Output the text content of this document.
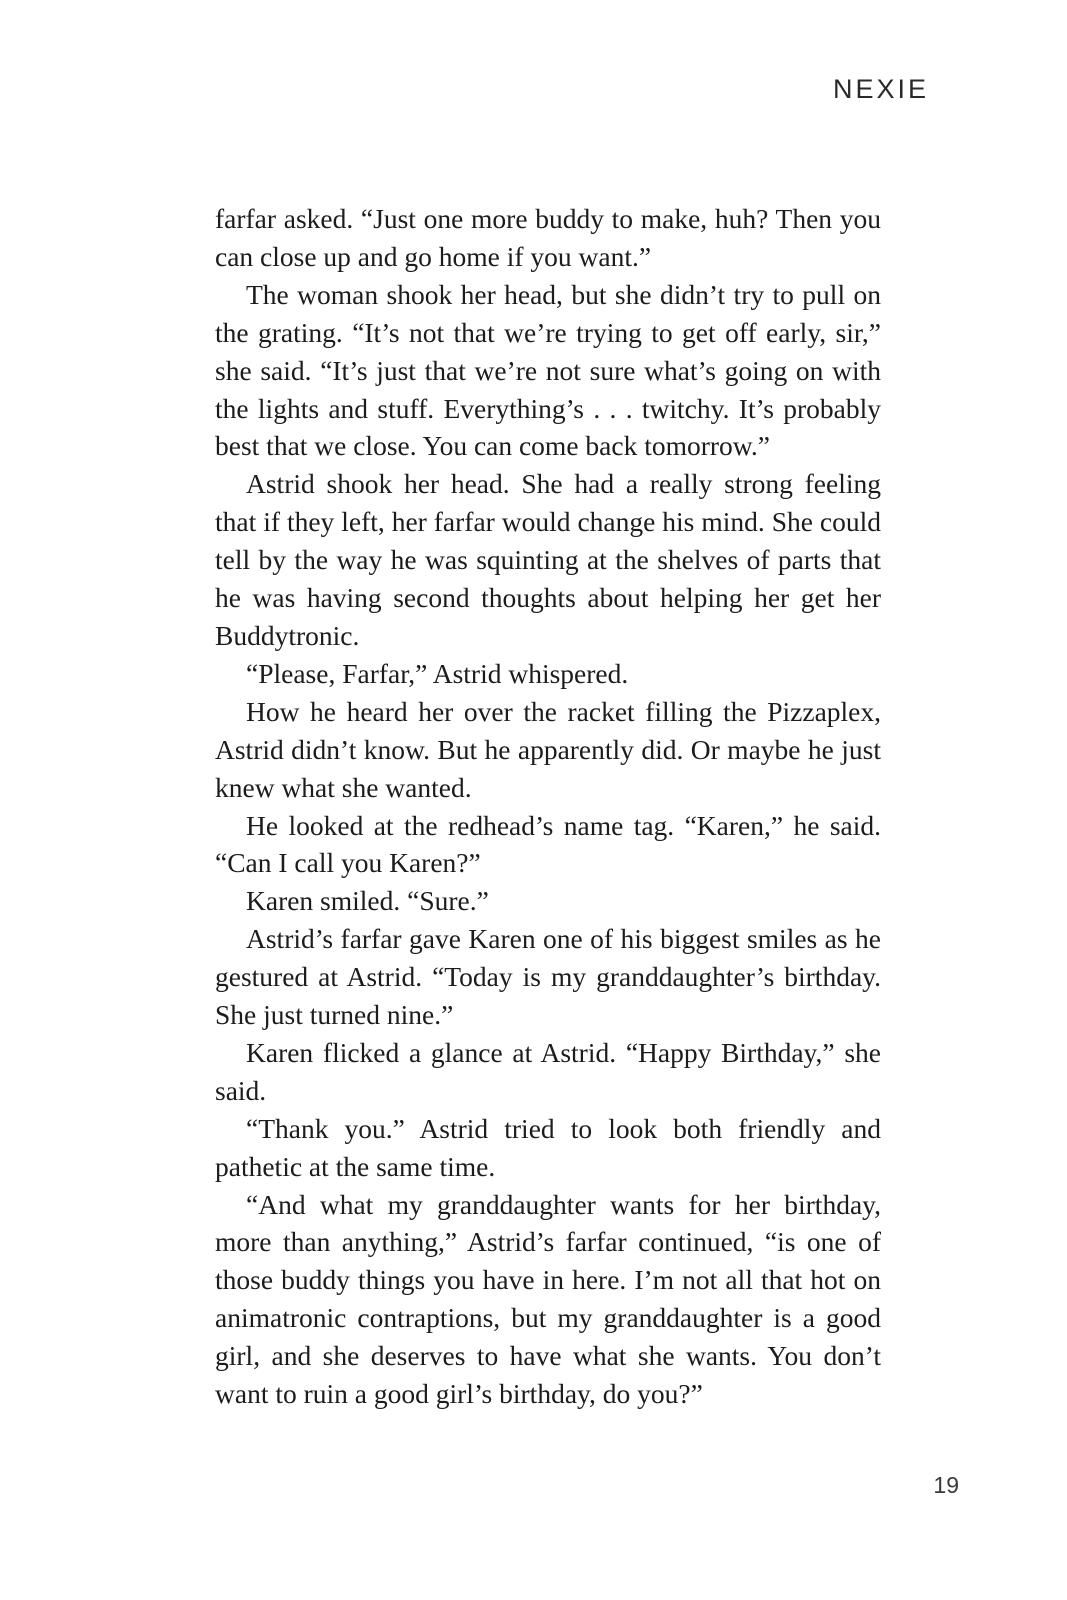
NEXIE

farfar asked. “Just one more buddy to make, huh? Then you can close up and go home if you want.”

The woman shook her head, but she didn’t try to pull on the grating. “It’s not that we’re trying to get off early, sir,” she said. “It’s just that we’re not sure what’s going on with the lights and stuff. Everything’s . . . twitchy. It’s probably best that we close. You can come back tomorrow.”

Astrid shook her head. She had a really strong feeling that if they left, her farfar would change his mind. She could tell by the way he was squinting at the shelves of parts that he was having second thoughts about helping her get her Buddytronic.

“Please, Farfar,” Astrid whispered.

How he heard her over the racket filling the Pizzaplex, Astrid didn’t know. But he apparently did. Or maybe he just knew what she wanted.

He looked at the redhead’s name tag. “Karen,” he said. “Can I call you Karen?”

Karen smiled. “Sure.”

Astrid’s farfar gave Karen one of his biggest smiles as he gestured at Astrid. “Today is my granddaughter’s birthday. She just turned nine.”

Karen flicked a glance at Astrid. “Happy Birthday,” she said.

“Thank you.” Astrid tried to look both friendly and pathetic at the same time.

“And what my granddaughter wants for her birthday, more than anything,” Astrid’s farfar continued, “is one of those buddy things you have in here. I’m not all that hot on animatronic contraptions, but my granddaughter is a good girl, and she deserves to have what she wants. You don’t want to ruin a good girl’s birthday, do you?”

19
